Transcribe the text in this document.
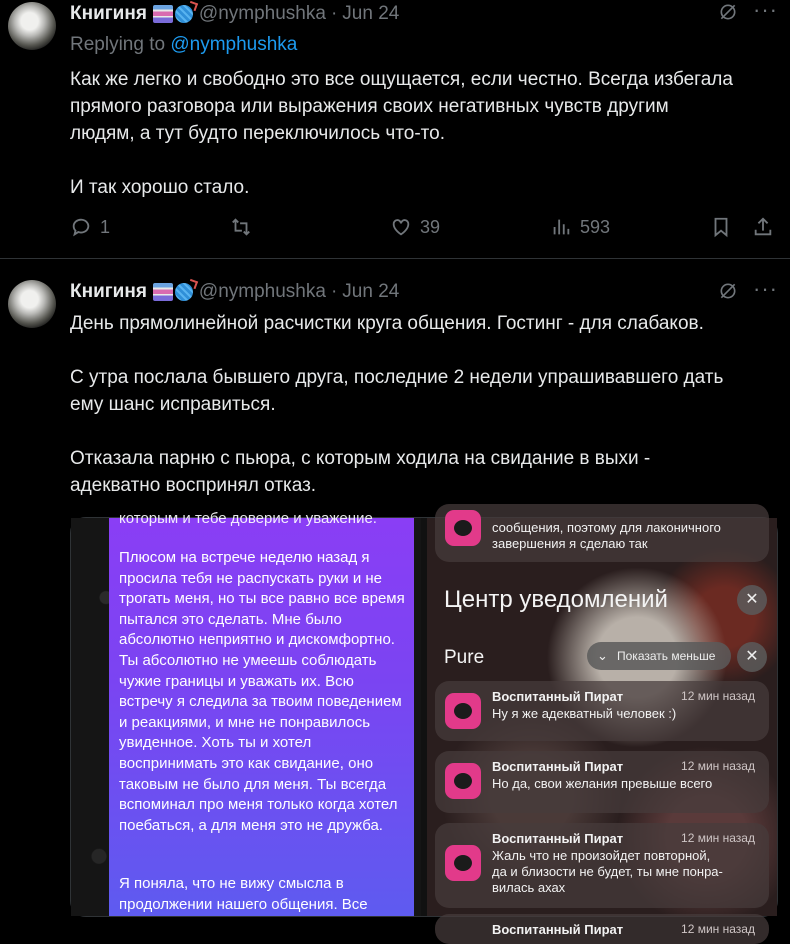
Книгиня	@nymphushka · Jun 24	···
Replying to @nymphushka
Как же легко и свободно это все ощущается, если честно. Всегда избегала
прямого разговора или выражения своих негативных чувств другим
людям, а тут будто переключилось что-то.

И так хорошо стало.
1	39	593
Книгиня	@nymphushka · Jun 24	···
День прямолинейной расчистки круга общения. Гостинг - для слабаков.

С утра послала бывшего друга, последние 2 недели упрашивавшего дать
ему шанс исправиться.

Отказала парню с пьюра, с которым ходила на свидание в выхи -
адекватно воспринял отказ.
которым и тебе доверие и уважение.
Плюсом на встрече неделю назад я просила тебя не распускать руки и не трогать меня, но ты все равно все время пытался это сделать. Мне было абсолютно неприятно и дискомфортно. Ты абсолютно не умеешь соблюдать чужие границы и уважать их. Всю встречу я следила за твоим поведением и реакциями, и мне не понравилось увиденное. Хоть ты и хотел воспринимать это как свидание, оно таковым не было для меня. Ты всегда вспоминал про меня только когда хотел поебаться, а для меня это не дружба.
Я поняла, что не вижу смысла в продолжении нашего общения. Все
сообщения, поэтому для лаконичного
завершения я сделаю так
Центр уведомлений	✕
Pure	⌄ Показать меньше	✕
Воспитанный Пират	12 мин назад
Ну я же адекватный человек :)
Воспитанный Пират	12 мин назад
Но да, свои желания превыше всего
Воспитанный Пират	12 мин назад
Жаль что не произойдет повторной,
да и близости не будет, ты мне понра-
вилась ахах
Воспитанный Пират	12 мин назад
